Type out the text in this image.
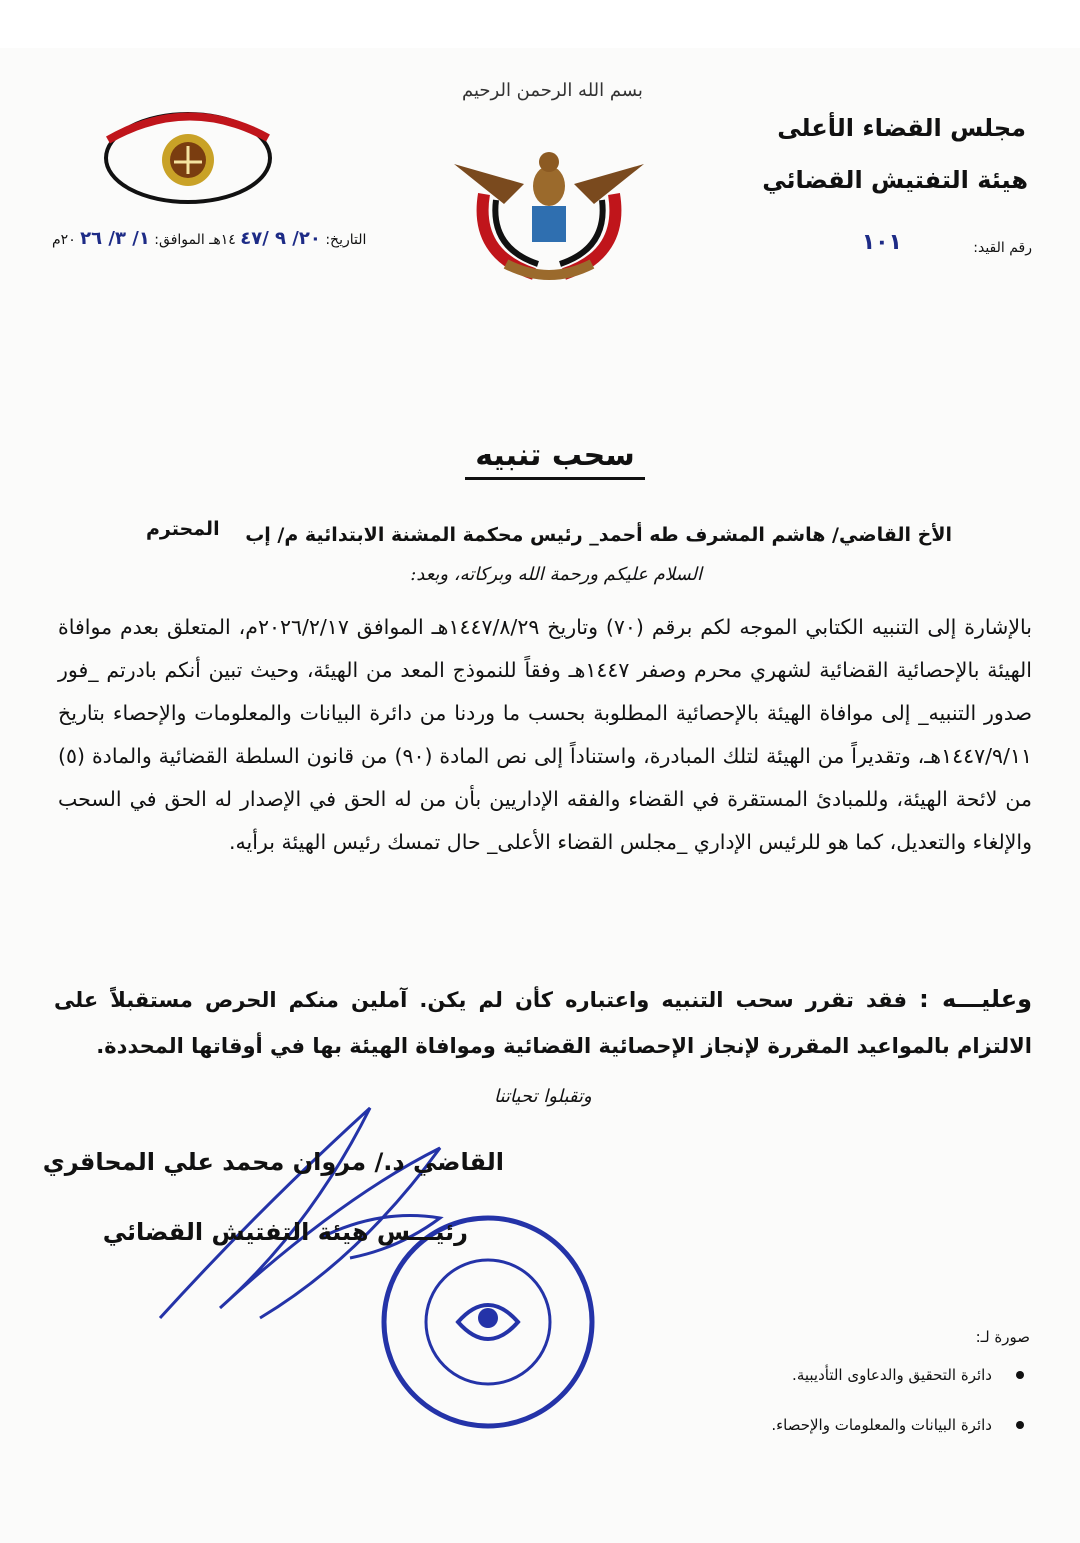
مجلس القضاء الأعلى
هيئة التفتيش القضائي
رقم القيد:
١٠١
بسم الله الرحمن الرحيم
التاريخ: ٢٠/ ٩ /٤٧ ١٤هـ الموافق: ١/ ٣/ ٢٦ ٢٠م
سحب تنبيه
الأخ القاضي/ هاشم المشرف طه أحمد_ رئيس محكمة المشنة الابتدائية م/ إب
المحترم
السلام عليكم ورحمة الله وبركاته، وبعد:
بالإشارة إلى التنبيه الكتابي الموجه لكم برقم (٧٠) وتاريخ ١٤٤٧/٨/٢٩هـ الموافق ٢٠٢٦/٢/١٧م، المتعلق بعدم موافاة الهيئة بالإحصائية القضائية لشهري محرم وصفر ١٤٤٧هـ وفقاً للنموذج المعد من الهيئة، وحيث تبين أنكم بادرتم _فور صدور التنبيه_ إلى موافاة الهيئة بالإحصائية المطلوبة بحسب ما وردنا من دائرة البيانات والمعلومات والإحصاء بتاريخ ١٤٤٧/٩/١١هـ، وتقديراً من الهيئة لتلك المبادرة، واستناداً إلى نص المادة (٩٠) من قانون السلطة القضائية والمادة (٥) من لائحة الهيئة، وللمبادئ المستقرة في القضاء والفقه الإداريين بأن من له الحق في الإصدار له الحق في السحب والإلغاء والتعديل، كما هو للرئيس الإداري _مجلس القضاء الأعلى_ حال تمسك رئيس الهيئة برأيه.
وعليـــه : فقد تقرر سحب التنبيه واعتباره كأن لم يكن. آملين منكم الحرص مستقبلاً على الالتزام بالمواعيد المقررة لإنجاز الإحصائية القضائية وموافاة الهيئة بها في أوقاتها المحددة.
وتقبلوا تحياتنا
القاضي د./ مروان محمد علي المحاقري
رئيـــس هيئة التفتيش القضائي
صورة لـ:
دائرة التحقيق والدعاوى التأديبية.
دائرة البيانات والمعلومات والإحصاء.
